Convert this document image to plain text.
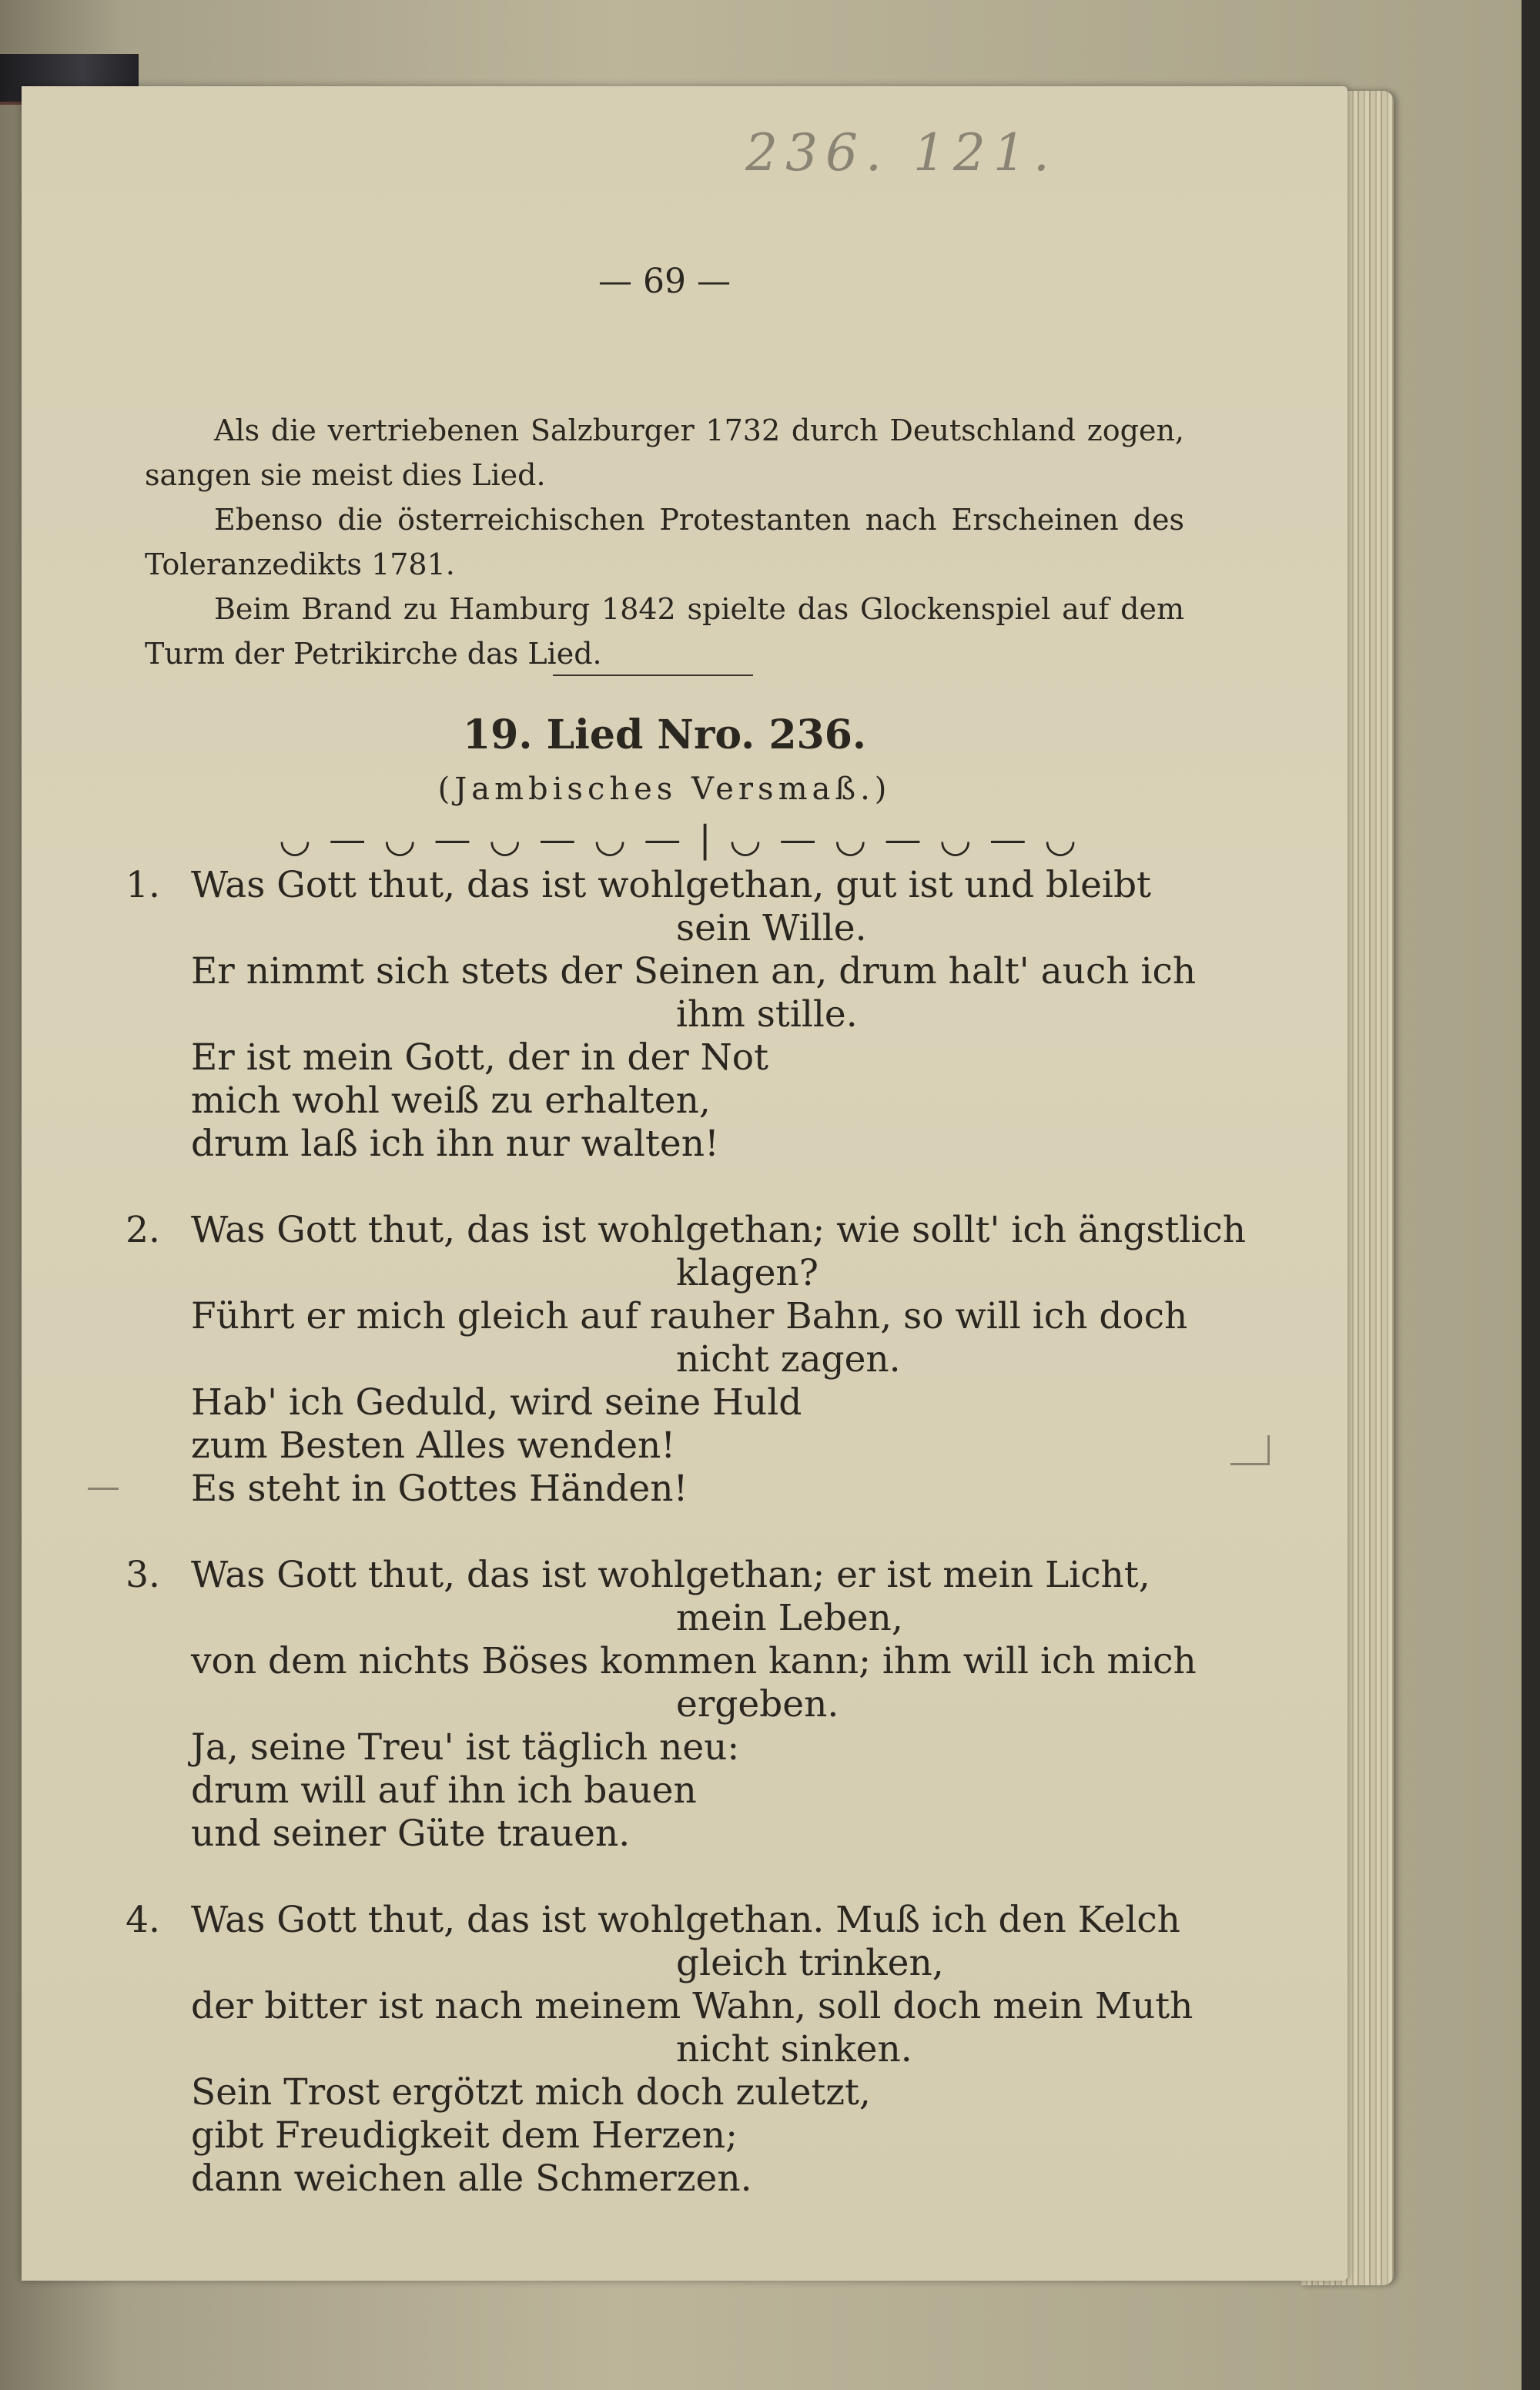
236. 121.
— 69 —

Als die vertriebenen Salzburger 1732 durch Deutschland zogen, sangen sie meist dies Lied.

Ebenso die österreichischen Protestanten nach Erscheinen des Toleranzedikts 1781.

Beim Brand zu Hamburg 1842 spielte das Glockenspiel auf dem Turm der Petrikirche das Lied.

19. Lied Nro. 236.
(Jambisches Versmaß.)
◡ — ◡ — ◡ — ◡ — | ◡ — ◡ — ◡ — ◡
1. Was Gott thut, das ist wohlgethan, gut ist und bleibt

sein Wille.

Er nimmt sich stets der Seinen an, drum halt' auch ich

ihm stille.

Er ist mein Gott, der in der Not

mich wohl weiß zu erhalten,

drum laß ich ihn nur walten!

2. Was Gott thut, das ist wohlgethan; wie sollt' ich ängstlich

klagen?

Führt er mich gleich auf rauher Bahn, so will ich doch

nicht zagen.

Hab' ich Geduld, wird seine Huld

zum Besten Alles wenden!

Es steht in Gottes Händen!

3. Was Gott thut, das ist wohlgethan; er ist mein Licht,

mein Leben,

von dem nichts Böses kommen kann; ihm will ich mich

ergeben.

Ja, seine Treu' ist täglich neu:

drum will auf ihn ich bauen

und seiner Güte trauen.

4. Was Gott thut, das ist wohlgethan. Muß ich den Kelch

gleich trinken,

der bitter ist nach meinem Wahn, soll doch mein Muth

nicht sinken.

Sein Trost ergötzt mich doch zuletzt,

gibt Freudigkeit dem Herzen;

dann weichen alle Schmerzen.
